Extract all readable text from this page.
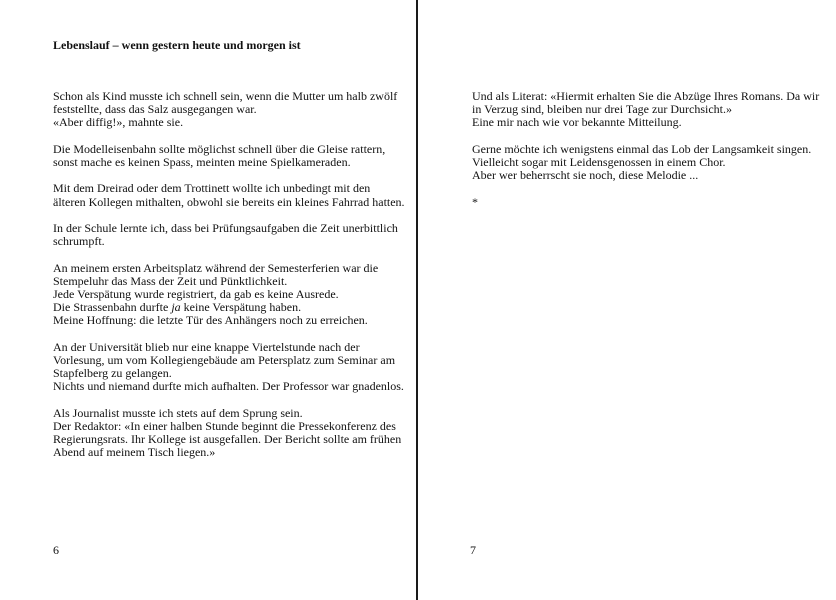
Lebenslauf – wenn gestern heute und morgen ist

Schon als Kind musste ich schnell sein, wenn die Mutter um halb zwölf
feststellte, dass das Salz ausgegangen war.
«Aber diffig!», mahnte sie.

Die Modelleisenbahn sollte möglichst schnell über die Gleise rattern,
sonst mache es keinen Spass, meinten meine Spielkameraden.

Mit dem Dreirad oder dem Trottinett wollte ich unbedingt mit den
älteren Kollegen mithalten, obwohl sie bereits ein kleines Fahrrad hatten.

In der Schule lernte ich, dass bei Prüfungsaufgaben die Zeit unerbittlich
schrumpft.

An meinem ersten Arbeitsplatz während der Semesterferien war die
Stempeluhr das Mass der Zeit und Pünktlichkeit.
Jede Verspätung wurde registriert, da gab es keine Ausrede.
Die Strassenbahn durfte ja keine Verspätung haben.
Meine Hoffnung: die letzte Tür des Anhängers noch zu erreichen.

An der Universität blieb nur eine knappe Viertelstunde nach der
Vorlesung, um vom Kollegiengebäude am Petersplatz zum Seminar am
Stapfelberg zu gelangen.
Nichts und niemand durfte mich aufhalten. Der Professor war gnadenlos.

Als Journalist musste ich stets auf dem Sprung sein.
Der Redaktor: «In einer halben Stunde beginnt die Pressekonferenz des
Regierungsrats. Ihr Kollege ist ausgefallen. Der Bericht sollte am frühen
Abend auf meinem Tisch liegen.»

6

Und als Literat: «Hiermit erhalten Sie die Abzüge Ihres Romans. Da wir
in Verzug sind, bleiben nur drei Tage zur Durchsicht.»
Eine mir nach wie vor bekannte Mitteilung.

Gerne möchte ich wenigstens einmal das Lob der Langsamkeit singen.
Vielleicht sogar mit Leidensgenossen in einem Chor.
Aber wer beherrscht sie noch, diese Melodie ...

*

7
